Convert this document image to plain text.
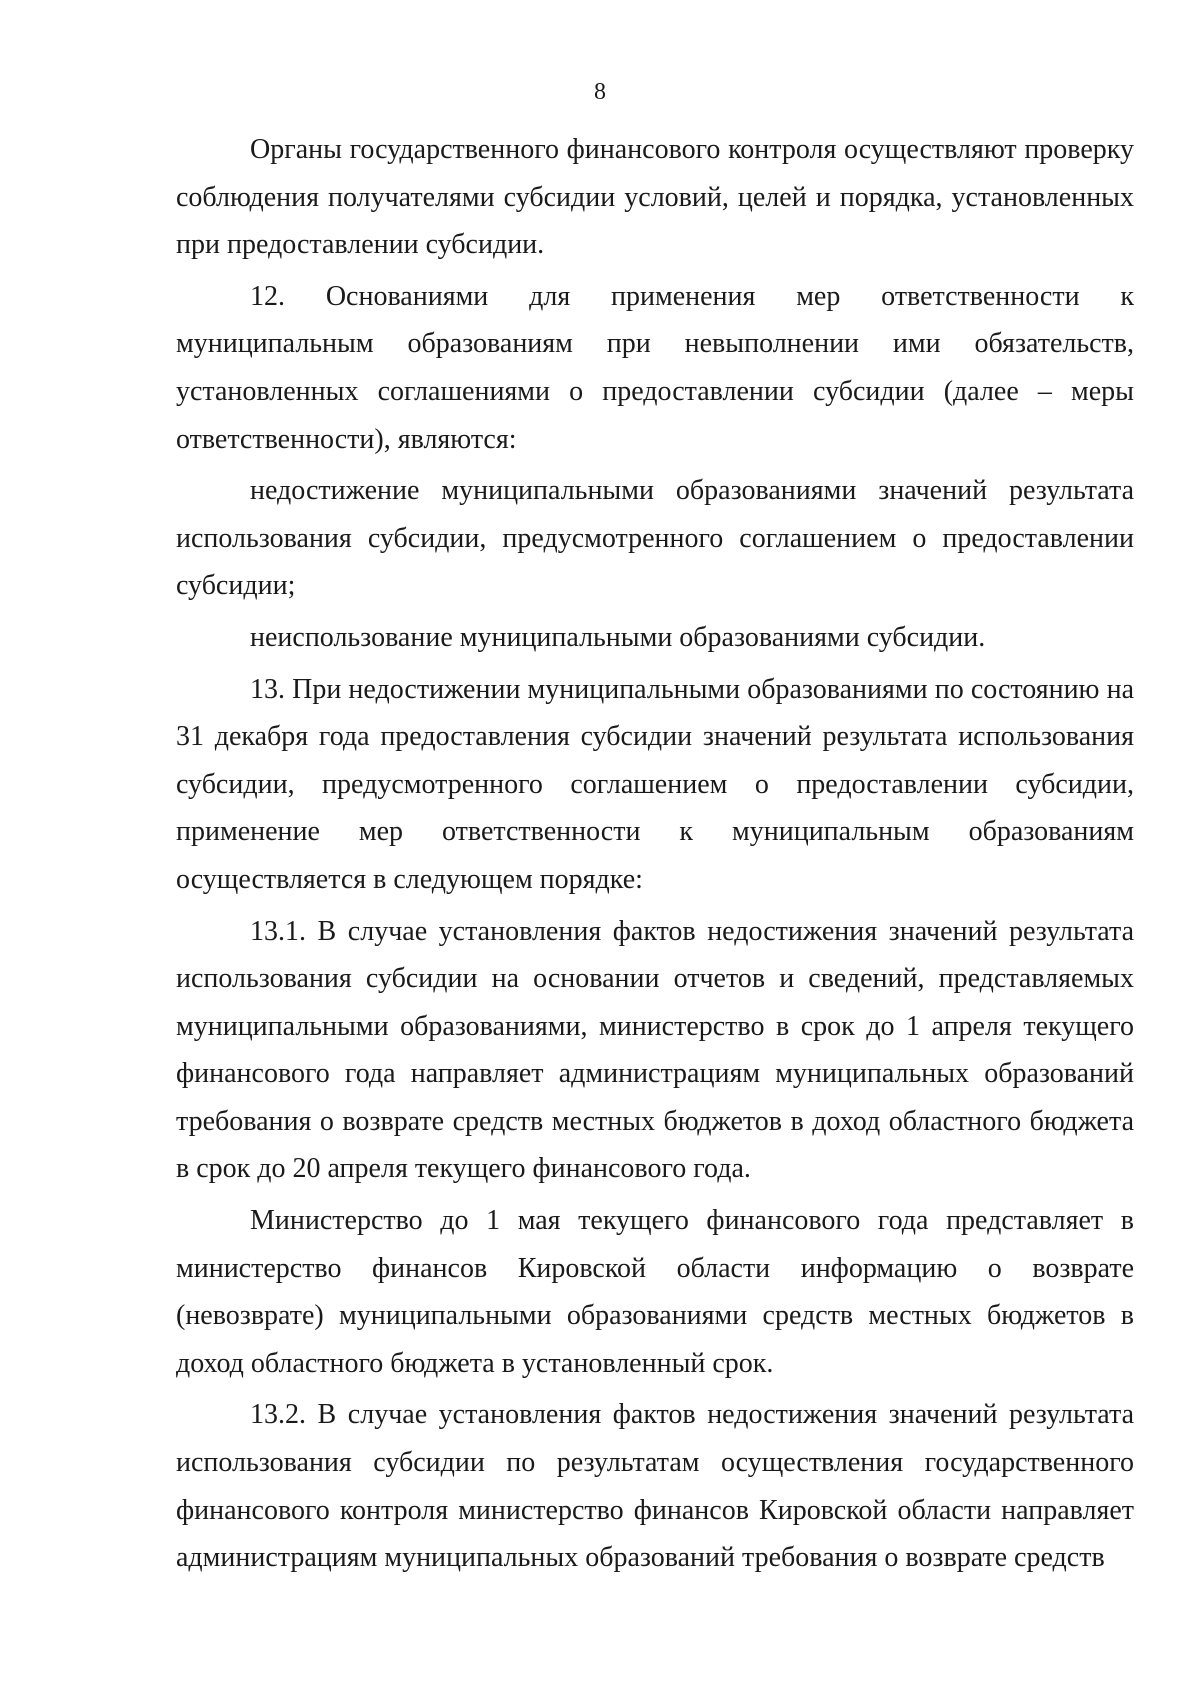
8

Органы государственного финансового контроля осуществляют проверку соблюдения получателями субсидии условий, целей и порядка, установленных при предоставлении субсидии.

12. Основаниями для применения мер ответственности к муниципальным образованиям при невыполнении ими обязательств, установленных соглашениями о предоставлении субсидии (далее – меры ответственности), являются:

недостижение муниципальными образованиями значений результата использования субсидии, предусмотренного соглашением о предоставлении субсидии;

неиспользование муниципальными образованиями субсидии.

13. При недостижении муниципальными образованиями по состоянию на 31 декабря года предоставления субсидии значений результата использования субсидии, предусмотренного соглашением о предоставлении субсидии, применение мер ответственности к муниципальным образованиям осуществляется в следующем порядке:

13.1. В случае установления фактов недостижения значений результата использования субсидии на основании отчетов и сведений, представляемых муниципальными образованиями, министерство в срок до 1 апреля текущего финансового года направляет администрациям муниципальных образований требования о возврате средств местных бюджетов в доход областного бюджета в срок до 20 апреля текущего финансового года.

Министерство до 1 мая текущего финансового года представляет в министерство финансов Кировской области информацию о возврате (невозврате) муниципальными образованиями средств местных бюджетов в доход областного бюджета в установленный срок.

13.2. В случае установления фактов недостижения значений результата использования субсидии по результатам осуществления государственного финансового контроля министерство финансов Кировской области направляет администрациям муниципальных образований требования о возврате средств
